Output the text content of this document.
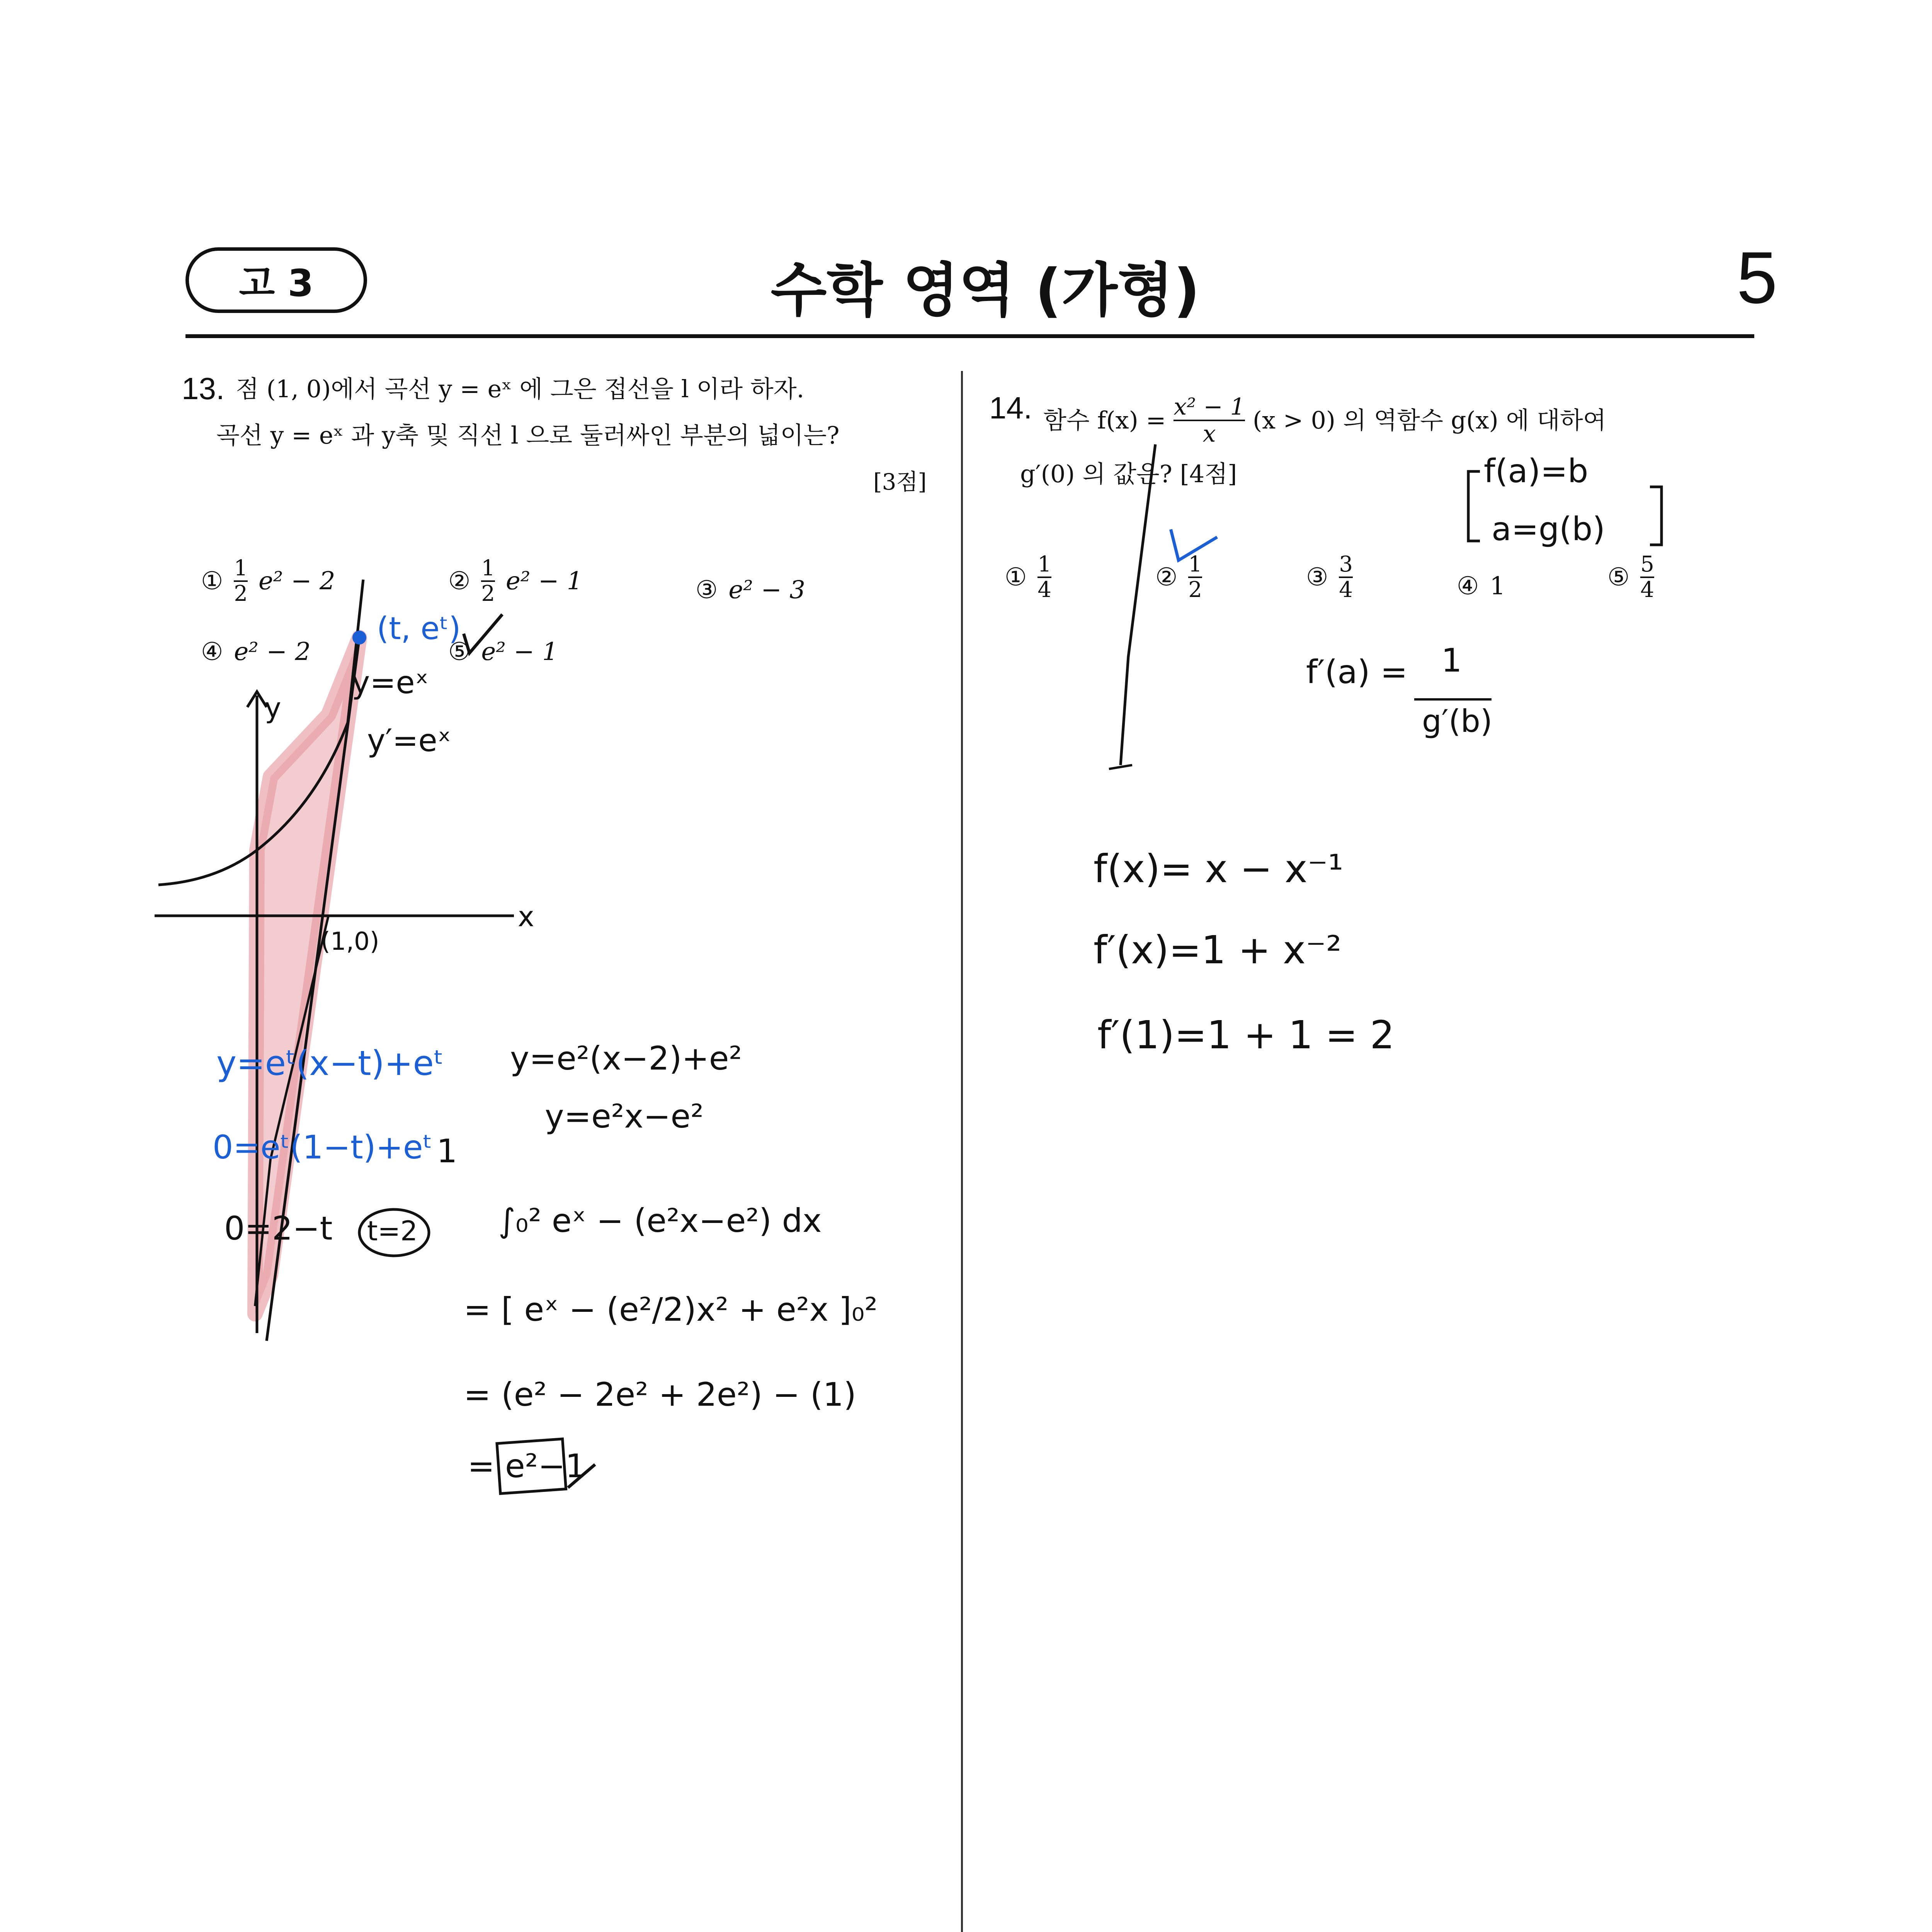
고 3	수학 영역 (가형)	5
13. 점 (1, 0)에서 곡선 y = eˣ 에 그은 접선을 l 이라 하자.
곡선 y = eˣ 과 y축 및 직선 l 으로 둘러싸인 부분의 넓이는?
[3점]
① $\frac{1}{2} e^2 - 2$	② $\frac{1}{2} e^2 - 1$	③ e² − 3
④ e² − 2	⑤ e² − 1
14. 함수 $f(x) = \frac{\text{x² − 1}}{x} (x > 0)$ 의 역함수 g(x) 에 대하여
g′(0) 의 값은? [4점]
① $\frac{1}{4}$	② $\frac{1}{2}$	③ $\frac{3}{4}$	④ 1	⑤ $\frac{5}{4}$
(t, eᵗ)
y=eˣ
y′=eˣ
y
x
(1,0)
y=eᵗ(x−t)+eᵗ
0=eᵗ(1−t)+eᵗ 1
0=2−t t=2
y=e²(x−2)+e²
y=e²x−e²
∫₀² eˣ − (e²x−e²) dx
= [ eˣ − (e²/2)x² + e²x ]₀²
= (e² − 2e² + 2e²) − (1)
= e²−1
f(a)=b
a=g(b)
f′(a) = 1
g′(b)
f(x)= x − x⁻¹
f′(x)=1 + x⁻²
f′(1)=1 + 1 = 2
